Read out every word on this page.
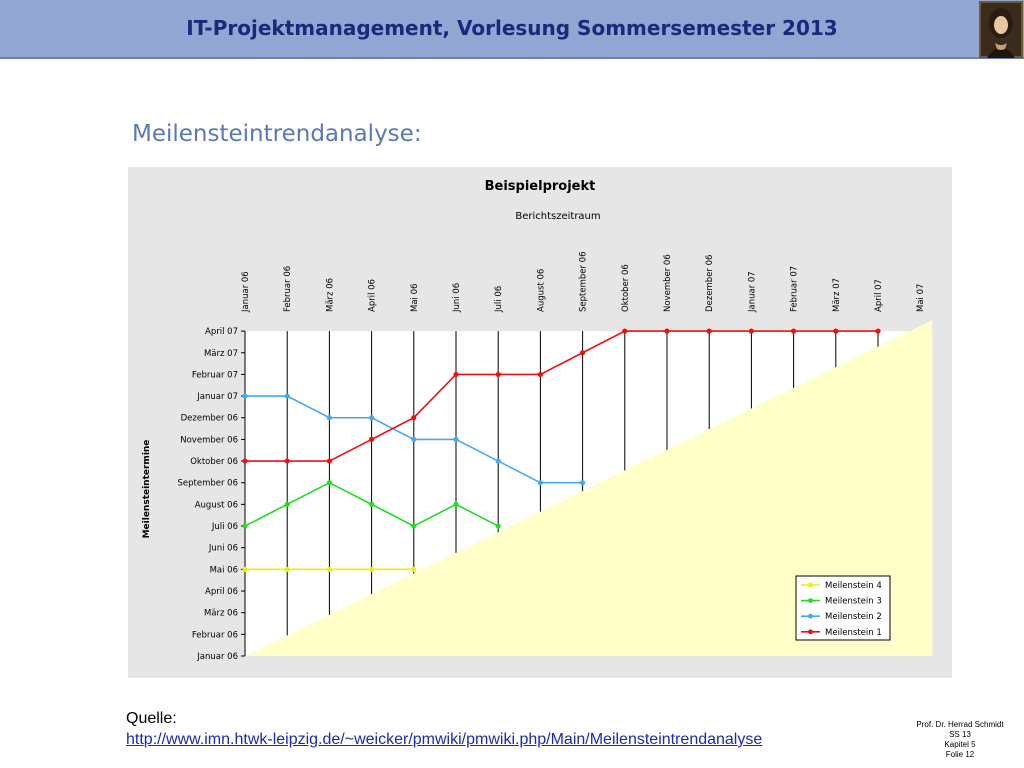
IT-Projektmanagement, Vorlesung Sommersemester 2013
Meilensteintrendanalyse:
Beispielprojekt
Berichtszeitraum
Meilensteintermine
Januar 06
Februar 06
März 06
April 06
Mai 06
Juni 06
Juli 06
August 06
September 06
Oktober 06
November 06
Dezember 06
Januar 07
Februar 07
März 07
April 07
Januar 06	Februar 06	März 06	April 06	Mai 06	Juni 06	Juli 06	August 06	September 06	Oktober 06	November 06	Dezember 06	Januar 07	Februar 07	März 07	April 07	Mai 07
Meilenstein 4
Meilenstein 3
Meilenstein 2
Meilenstein 1
Quelle:
http://www.imn.htwk-leipzig.de/~weicker/pmwiki/pmwiki.php/Main/Meilensteintrendanalyse
Prof. Dr. Herrad Schmidt
SS 13
Kapitel 5
Folie 12
